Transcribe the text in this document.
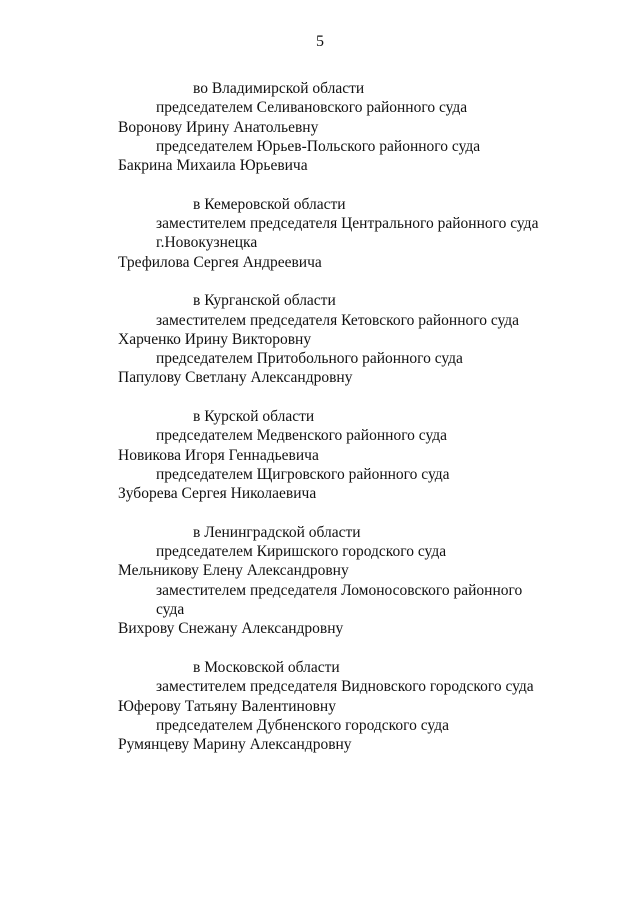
5
во Владимирской области
председателем Селивановского районного суда
Воронову Ирину Анатольевну
председателем Юрьев-Польского районного суда
Бакрина Михаила Юрьевича
в Кемеровской области
заместителем председателя Центрального районного суда
г.Новокузнецка
Трефилова Сергея Андреевича
в Курганской области
заместителем председателя Кетовского районного суда
Харченко Ирину Викторовну
председателем Притобольного районного суда
Папулову Светлану Александровну
в Курской области
председателем Медвенского районного суда
Новикова Игоря Геннадьевича
председателем Щигровского районного суда
Зуборева Сергея Николаевича
в Ленинградской области
председателем Киришского городского суда
Мельникову Елену Александровну
заместителем председателя Ломоносовского районного
суда
Вихрову Снежану Александровну
в Московской области
заместителем председателя Видновского городского суда
Юферову Татьяну Валентиновну
председателем Дубненского городского суда
Румянцеву Марину Александровну
